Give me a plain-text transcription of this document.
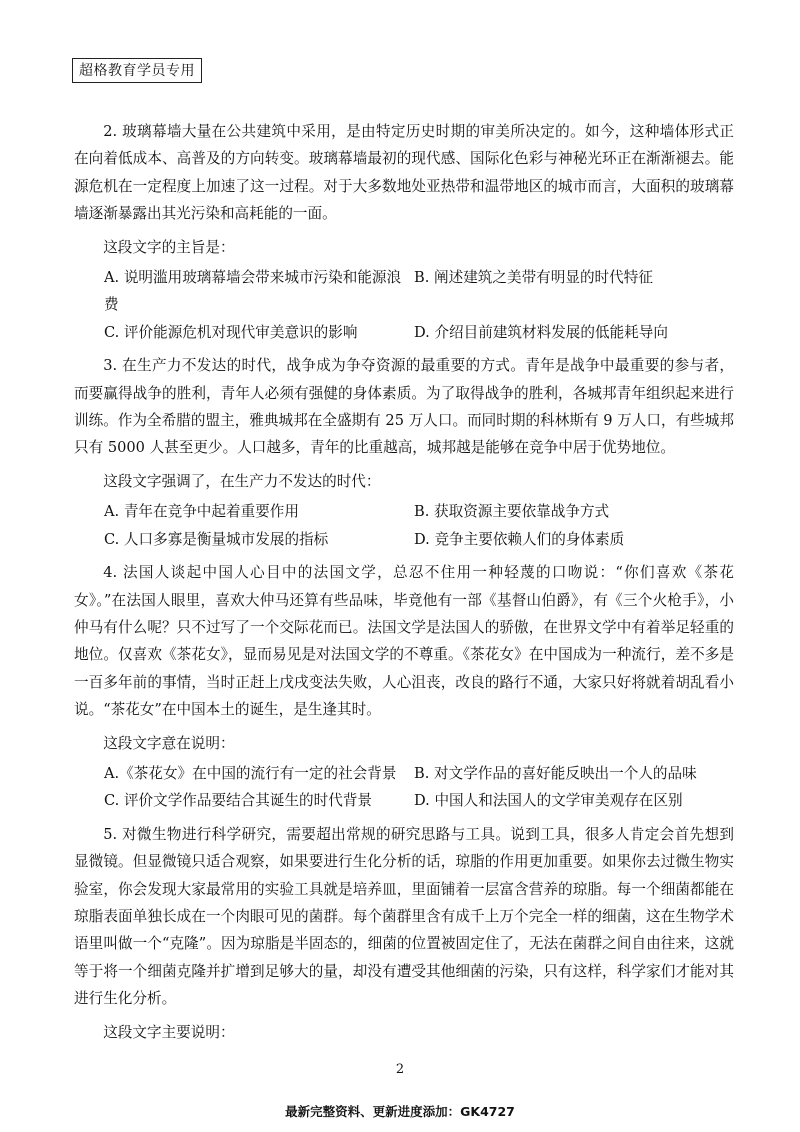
超格教育学员专用

2. 玻璃幕墙大量在公共建筑中采用，是由特定历史时期的审美所决定的。如今，这种墙体形式正在向着低成本、高普及的方向转变。玻璃幕墙最初的现代感、国际化色彩与神秘光环正在渐渐褪去。能源危机在一定程度上加速了这一过程。对于大多数地处亚热带和温带地区的城市而言，大面积的玻璃幕墙逐渐暴露出其光污染和高耗能的一面。

这段文字的主旨是：

A. 说明滥用玻璃幕墙会带来城市污染和能源浪费
B. 阐述建筑之美带有明显的时代特征
C. 评价能源危机对现代审美意识的影响	D. 介绍目前建筑材料发展的低能耗导向

3. 在生产力不发达的时代，战争成为争夺资源的最重要的方式。青年是战争中最重要的参与者，而要赢得战争的胜利，青年人必须有强健的身体素质。为了取得战争的胜利，各城邦青年组织起来进行训练。作为全希腊的盟主，雅典城邦在全盛期有 25 万人口。而同时期的科林斯有 9 万人口，有些城邦只有 5000 人甚至更少。人口越多，青年的比重越高，城邦越是能够在竞争中居于优势地位。

这段文字强调了，在生产力不发达的时代：

A. 青年在竞争中起着重要作用	B. 获取资源主要依靠战争方式
C. 人口多寡是衡量城市发展的指标	D. 竞争主要依赖人们的身体素质

4. 法国人谈起中国人心目中的法国文学，总忍不住用一种轻蔑的口吻说：“你们喜欢《茶花女》。”在法国人眼里，喜欢大仲马还算有些品味，毕竟他有一部《基督山伯爵》，有《三个火枪手》，小仲马有什么呢？只不过写了一个交际花而已。法国文学是法国人的骄傲，在世界文学中有着举足轻重的地位。仅喜欢《茶花女》，显而易见是对法国文学的不尊重。《茶花女》在中国成为一种流行，差不多是一百多年前的事情，当时正赶上戊戌变法失败，人心沮丧，改良的路行不通，大家只好将就着胡乱看小说。“茶花女”在中国本土的诞生，是生逢其时。

这段文字意在说明：

A.《茶花女》在中国的流行有一定的社会背景	B. 对文学作品的喜好能反映出一个人的品味
C. 评价文学作品要结合其诞生的时代背景	D. 中国人和法国人的文学审美观存在区别

5. 对微生物进行科学研究，需要超出常规的研究思路与工具。说到工具，很多人肯定会首先想到显微镜。但显微镜只适合观察，如果要进行生化分析的话，琼脂的作用更加重要。如果你去过微生物实验室，你会发现大家最常用的实验工具就是培养皿，里面铺着一层富含营养的琼脂。每一个细菌都能在琼脂表面单独长成在一个肉眼可见的菌群。每个菌群里含有成千上万个完全一样的细菌，这在生物学术语里叫做一个“克隆”。因为琼脂是半固态的，细菌的位置被固定住了，无法在菌群之间自由往来，这就等于将一个细菌克隆并扩增到足够大的量，却没有遭受其他细菌的污染，只有这样，科学家们才能对其进行生化分析。

这段文字主要说明：

2
最新完整资料、更新进度添加：GK4727
